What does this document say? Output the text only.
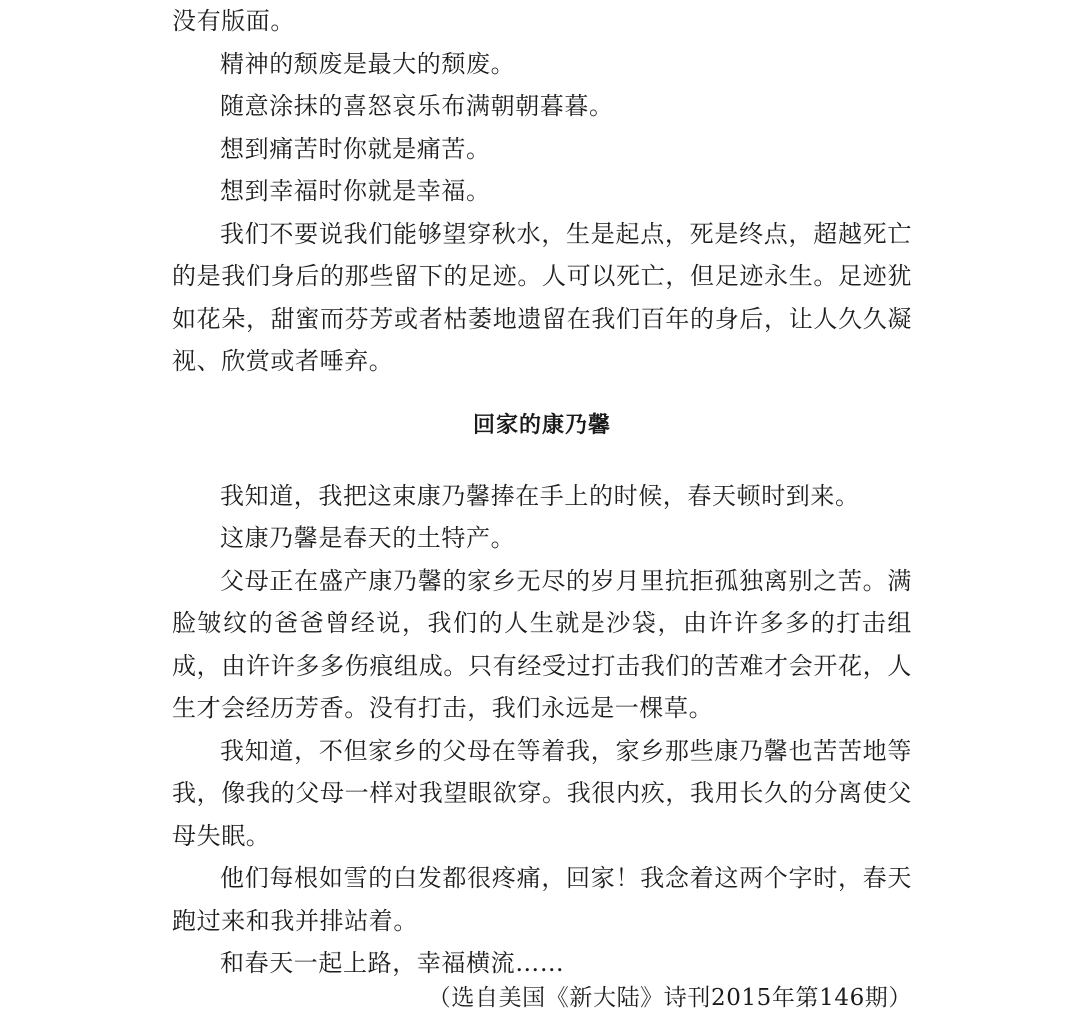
没有版面。

精神的颓废是最大的颓废。

随意涂抹的喜怒哀乐布满朝朝暮暮。

想到痛苦时你就是痛苦。

想到幸福时你就是幸福。

我们不要说我们能够望穿秋水，生是起点，死是终点，超越死亡的是我们身后的那些留下的足迹。人可以死亡，但足迹永生。足迹犹如花朵，甜蜜而芬芳或者枯萎地遗留在我们百年的身后，让人久久凝视、欣赏或者唾弃。

回家的康乃馨

我知道，我把这束康乃馨捧在手上的时候，春天顿时到来。

这康乃馨是春天的土特产。

父母正在盛产康乃馨的家乡无尽的岁月里抗拒孤独离别之苦。满脸皱纹的爸爸曾经说，我们的人生就是沙袋，由许许多多的打击组成，由许许多多伤痕组成。只有经受过打击我们的苦难才会开花，人生才会经历芳香。没有打击，我们永远是一棵草。

我知道，不但家乡的父母在等着我，家乡那些康乃馨也苦苦地等我，像我的父母一样对我望眼欲穿。我很内疚，我用长久的分离使父母失眠。

他们每根如雪的白发都很疼痛，回家！我念着这两个字时，春天跑过来和我并排站着。

和春天一起上路，幸福横流……

（选自美国《新大陆》诗刊2015年第146期）
